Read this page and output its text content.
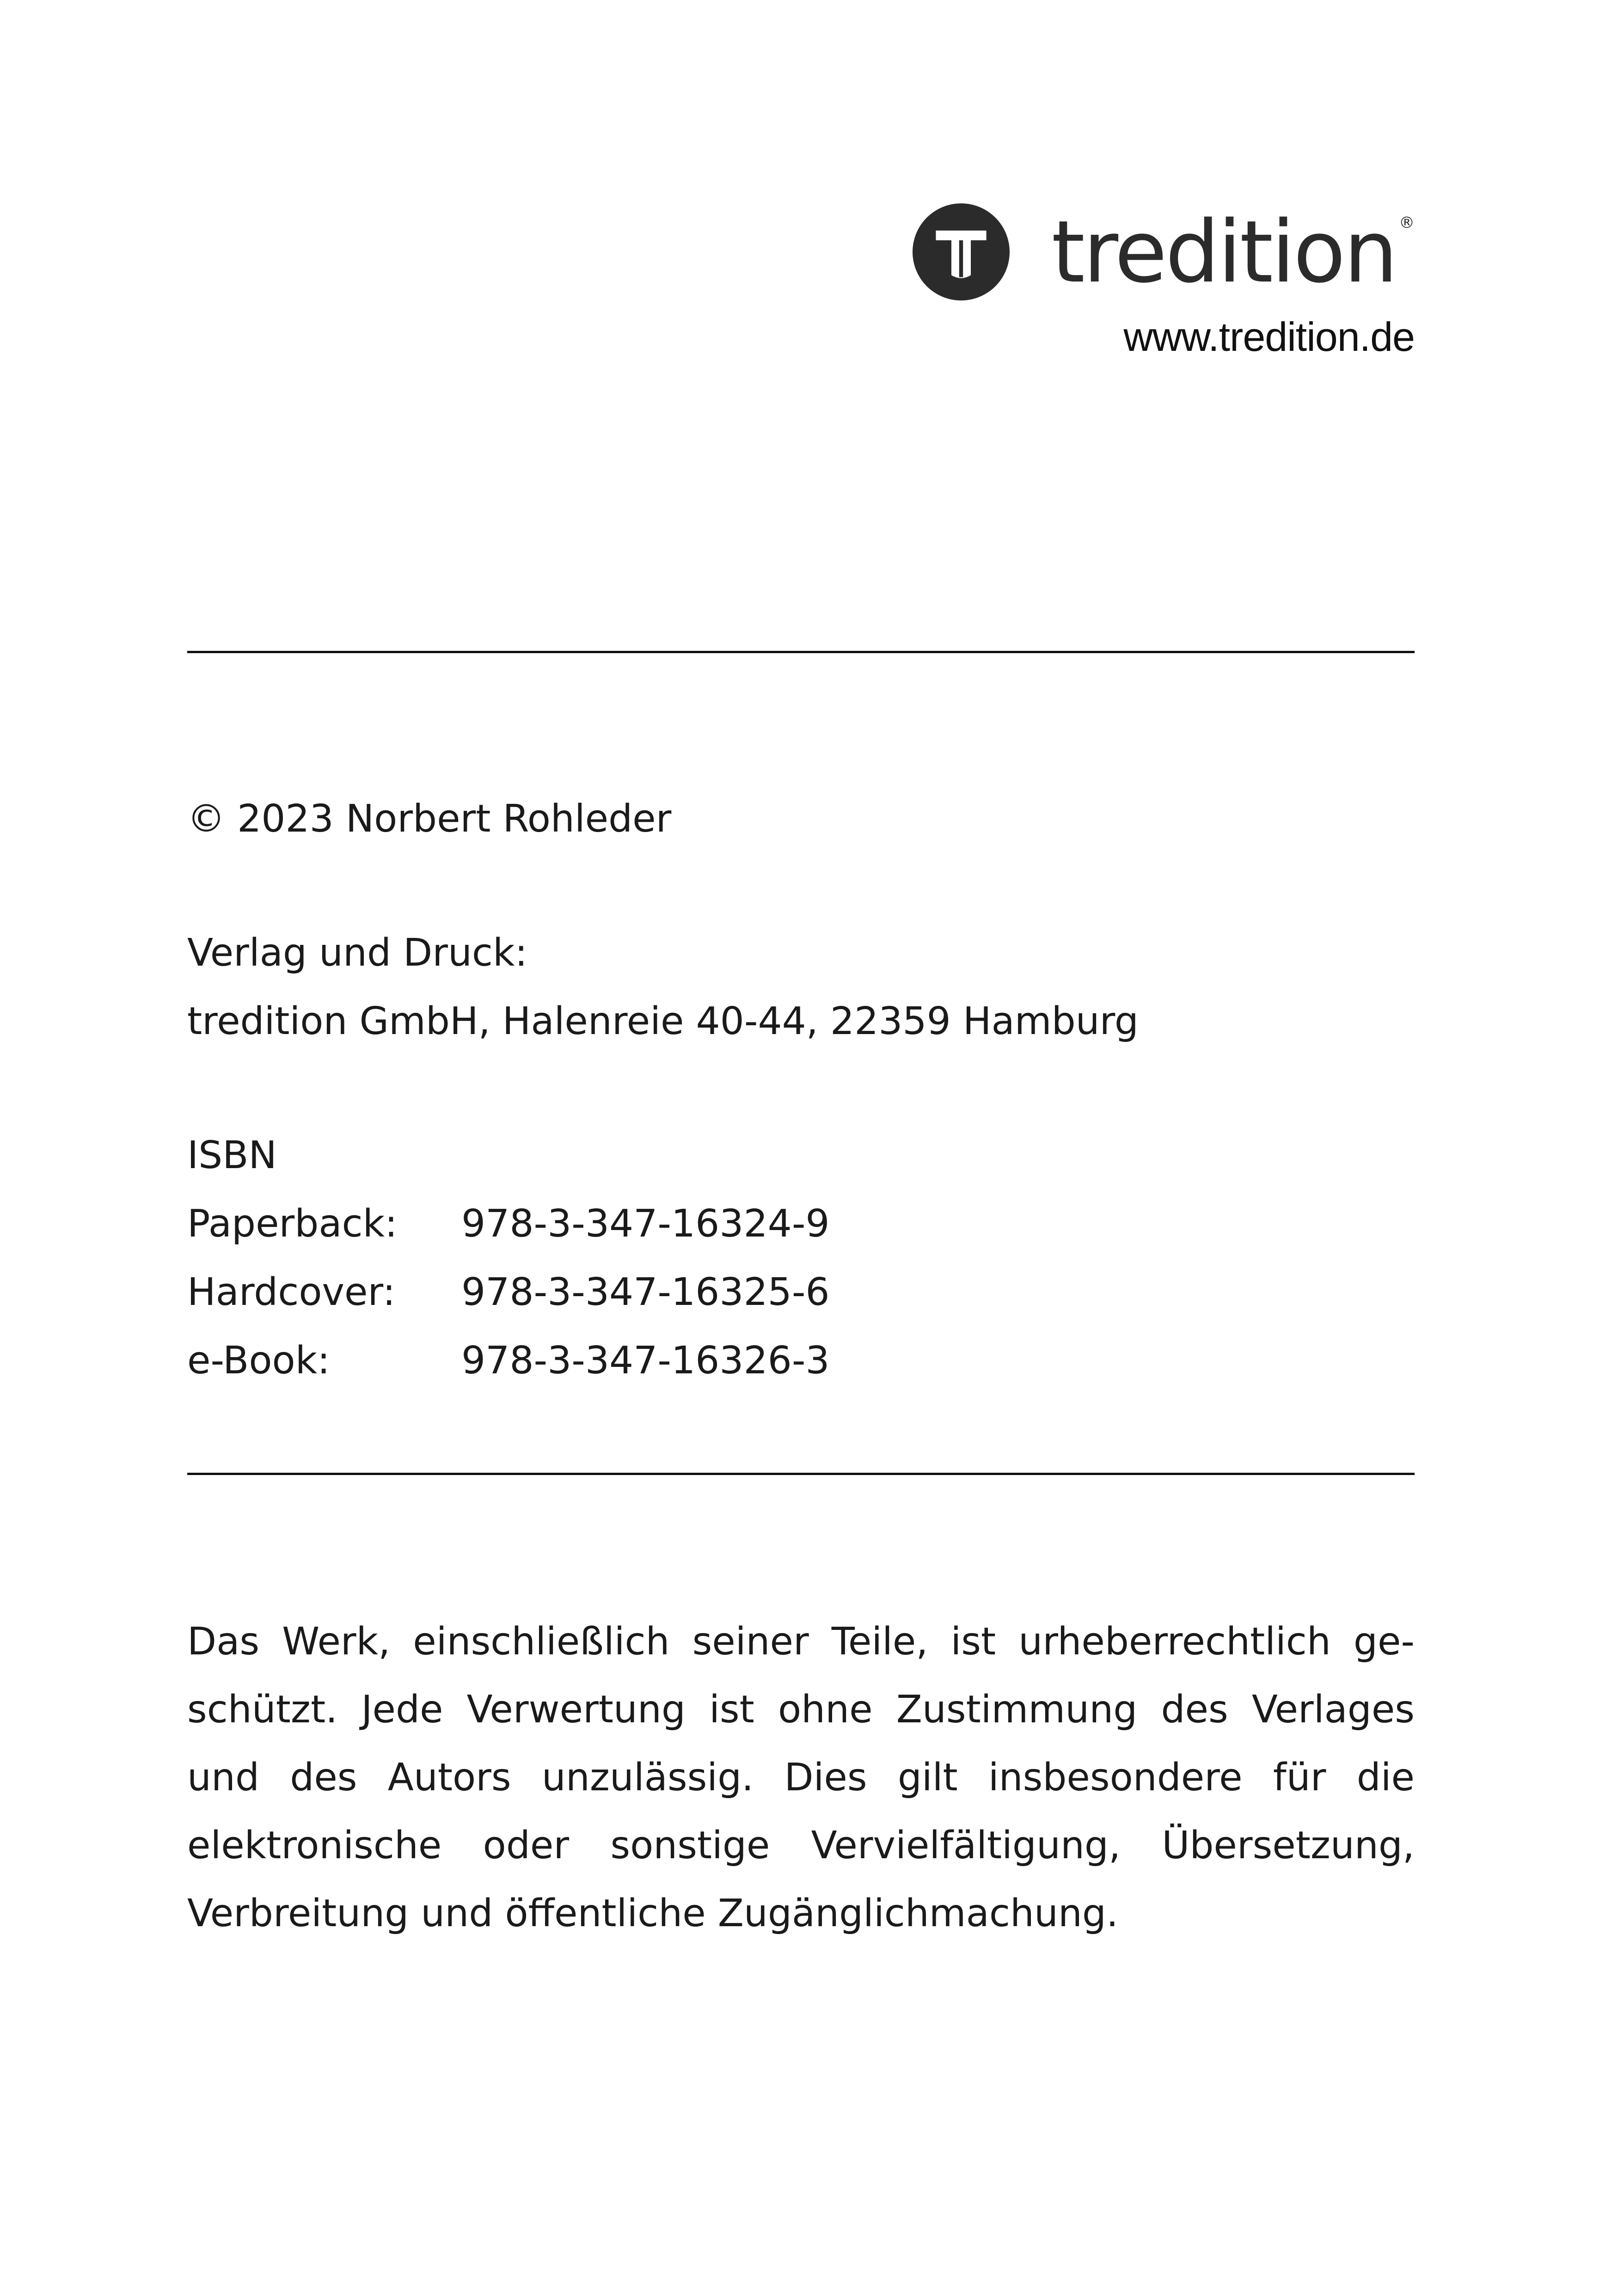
tredition ®
www.tredition.de
© 2023 Norbert Rohleder
Verlag und Druck:
tredition GmbH, Halenreie 40-44, 22359 Hamburg
ISBN
Paperback:	978-3-347-16324-9
Hardcover:	978-3-347-16325-6
e-Book:	978-3-347-16326-3
Das Werk, einschließlich seiner Teile, ist urheberrechtlich ge-schützt. Jede Verwertung ist ohne Zustimmung des Verlages und des Autors unzulässig. Dies gilt insbesondere für die elektronische oder sonstige Vervielfältigung, Übersetzung, Verbreitung und öffentliche Zugänglichmachung.
